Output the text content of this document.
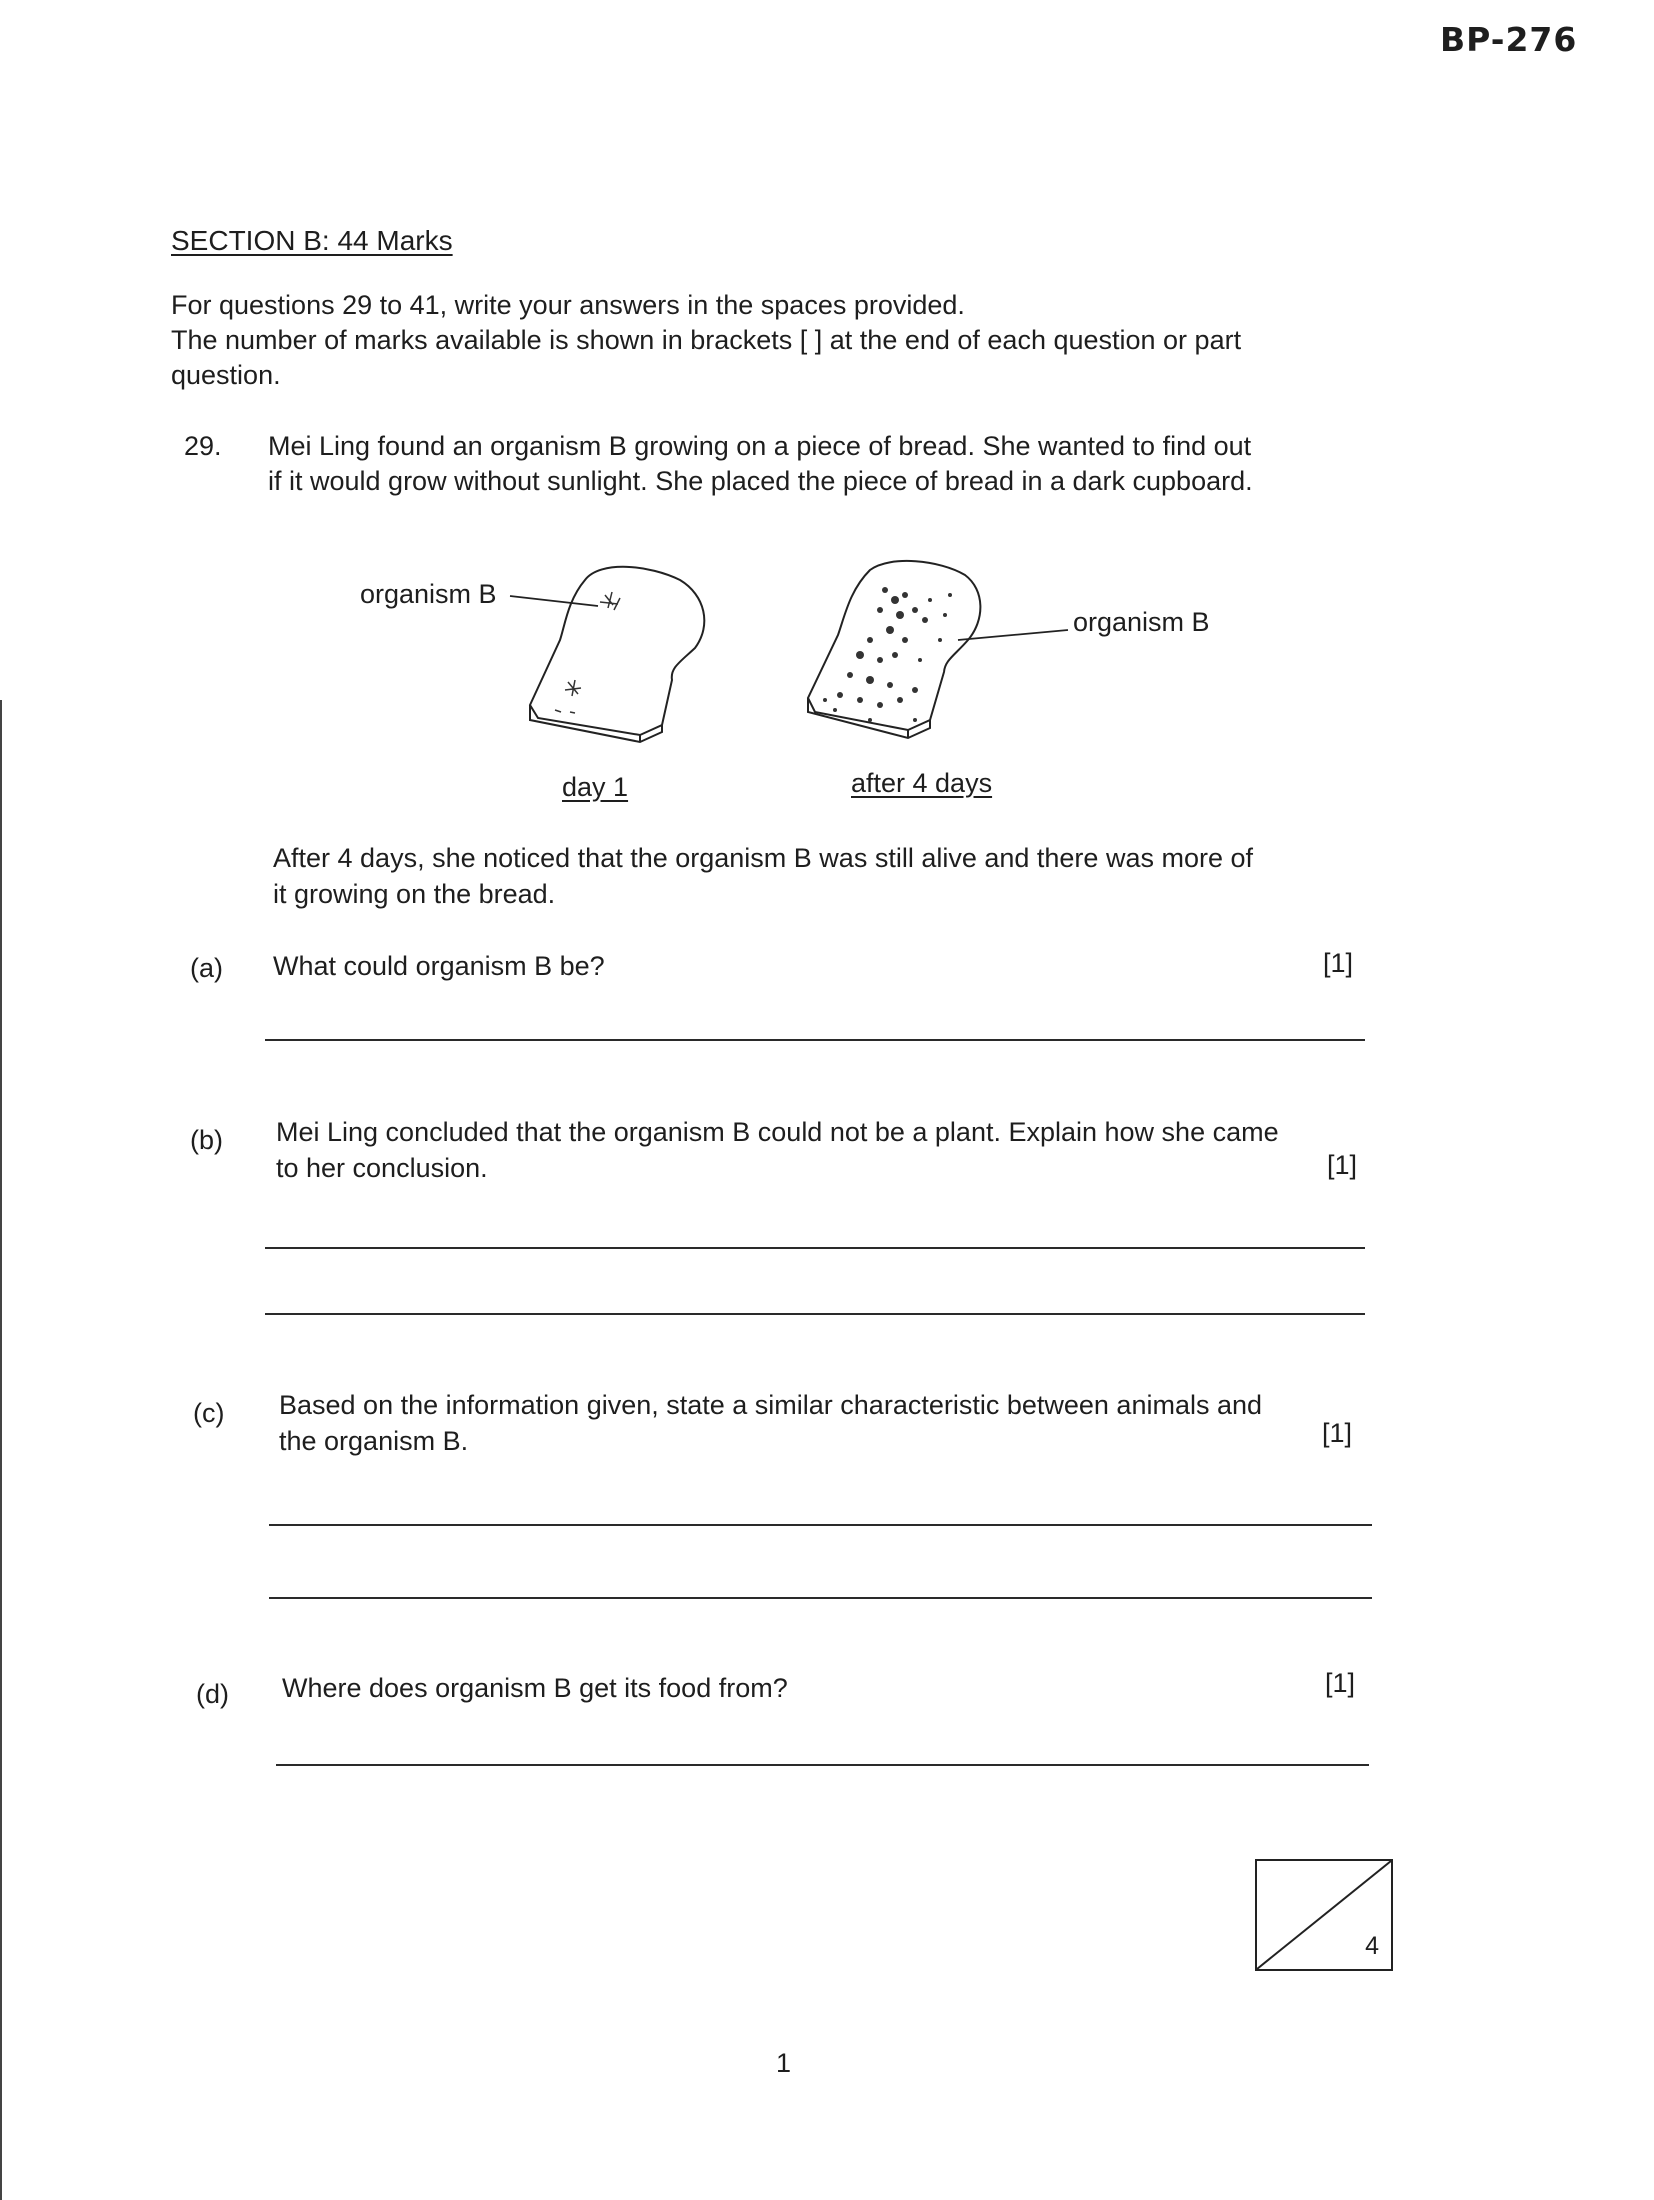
BP-276
SECTION B: 44 Marks
For questions 29 to 41, write your answers in the spaces provided.
The number of marks available is shown in brackets [ ] at the end of each question or part
question.
29. Mei Ling found an organism B growing on a piece of bread. She wanted to find out
if it would grow without sunlight. She placed the piece of bread in a dark cupboard.
organism B
organism B
day 1	after 4 days
After 4 days, she noticed that the organism B was still alive and there was more of
it growing on the bread.
(a) What could organism B be?	[1]
(b) Mei Ling concluded that the organism B could not be a plant. Explain how she came
to her conclusion.	[1]
(c) Based on the information given, state a similar characteristic between animals and
the organism B.	[1]
(d) Where does organism B get its food from?	[1]
4
1
